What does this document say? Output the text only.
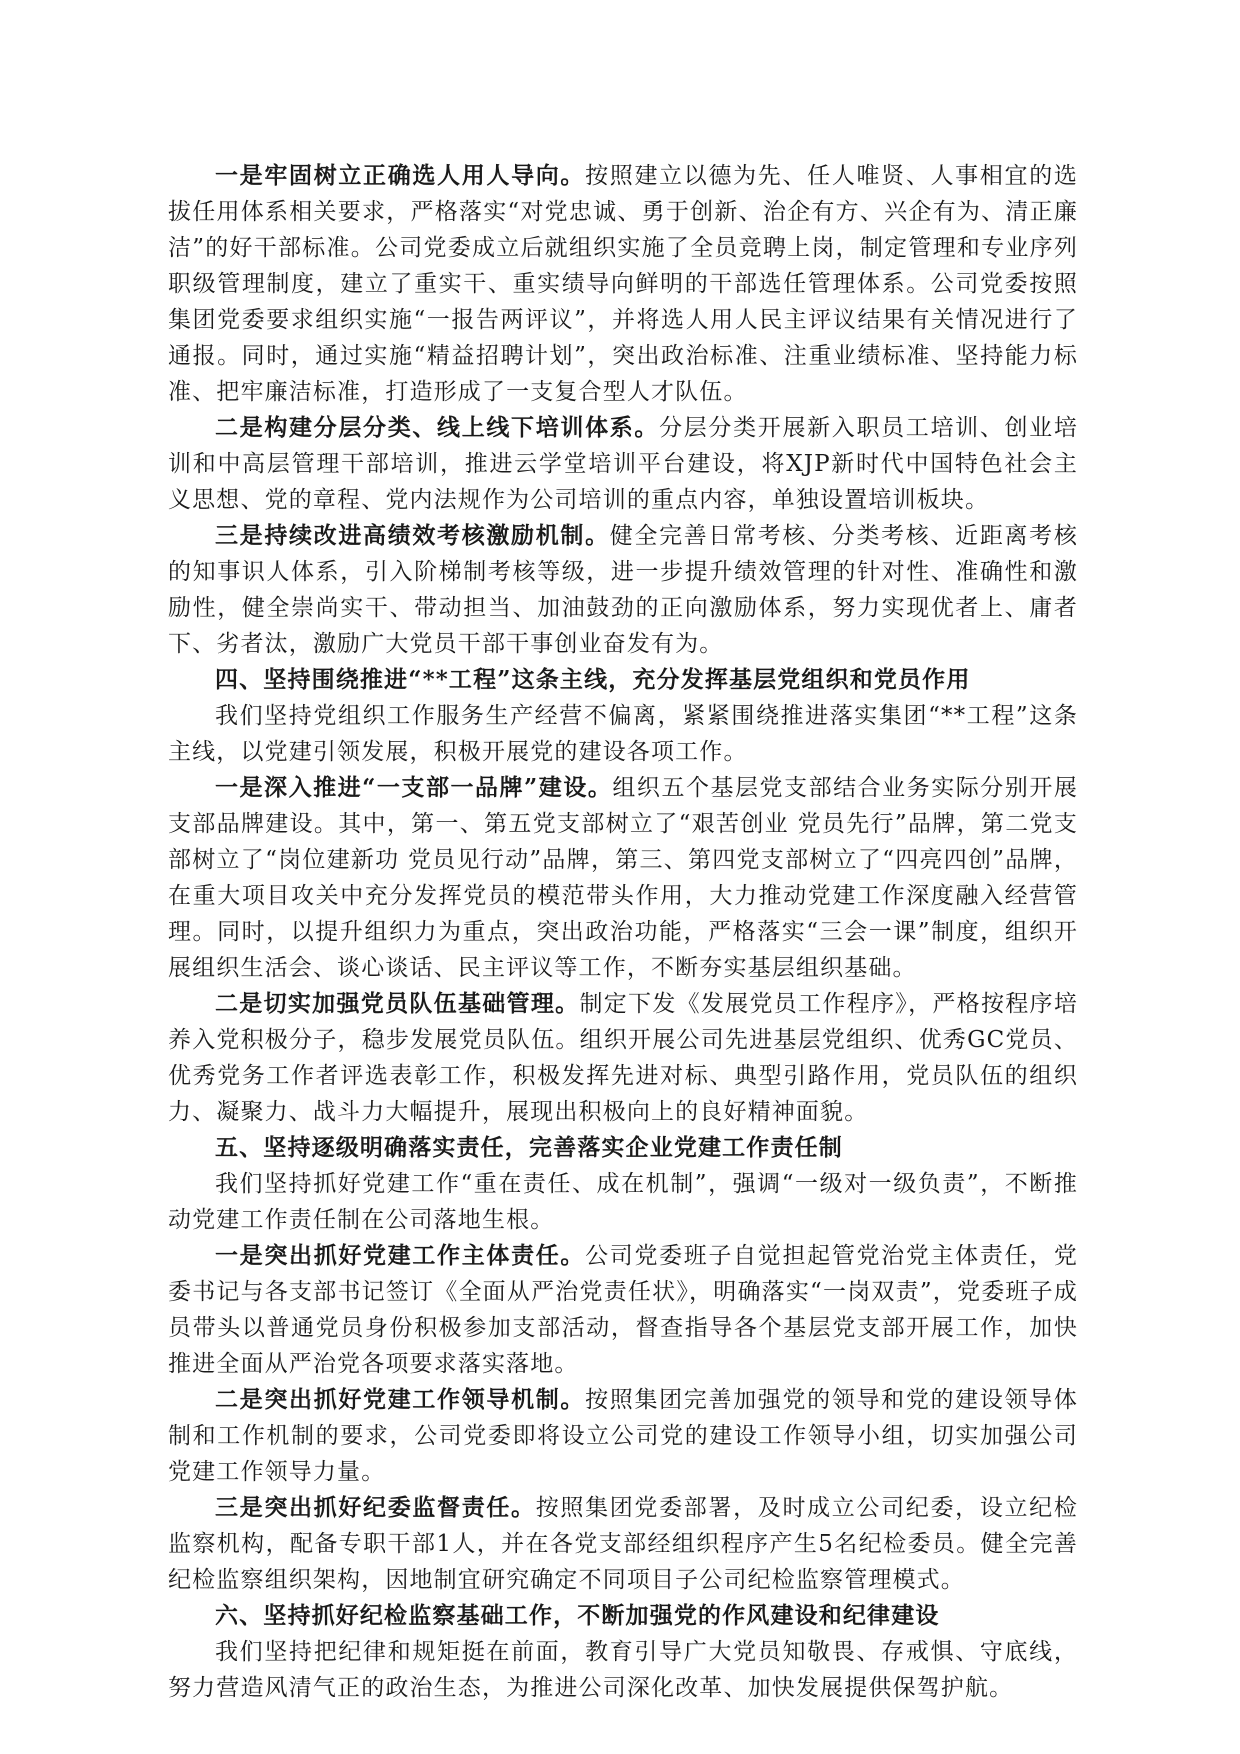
一是牢固树立正确选人用人导向。按照建立以德为先、任人唯贤、人事相宜的选拔任用体系相关要求，严格落实“对党忠诚、勇于创新、治企有方、兴企有为、清正廉洁”的好干部标准。公司党委成立后就组织实施了全员竞聘上岗，制定管理和专业序列职级管理制度，建立了重实干、重实绩导向鲜明的干部选任管理体系。公司党委按照集团党委要求组织实施“一报告两评议”，并将选人用人民主评议结果有关情况进行了通报。同时，通过实施“精益招聘计划”，突出政治标准、注重业绩标准、坚持能力标准、把牢廉洁标准，打造形成了一支复合型人才队伍。

二是构建分层分类、线上线下培训体系。分层分类开展新入职员工培训、创业培训和中高层管理干部培训，推进云学堂培训平台建设，将XJP新时代中国特色社会主义思想、党的章程、党内法规作为公司培训的重点内容，单独设置培训板块。

三是持续改进高绩效考核激励机制。健全完善日常考核、分类考核、近距离考核的知事识人体系，引入阶梯制考核等级，进一步提升绩效管理的针对性、准确性和激励性，健全崇尚实干、带动担当、加油鼓劲的正向激励体系，努力实现优者上、庸者下、劣者汰，激励广大党员干部干事创业奋发有为。

四、坚持围绕推进“**工程”这条主线，充分发挥基层党组织和党员作用

我们坚持党组织工作服务生产经营不偏离，紧紧围绕推进落实集团“**工程”这条主线，以党建引领发展，积极开展党的建设各项工作。

一是深入推进“一支部一品牌”建设。组织五个基层党支部结合业务实际分别开展支部品牌建设。其中，第一、第五党支部树立了“艰苦创业 党员先行”品牌，第二党支部树立了“岗位建新功 党员见行动”品牌，第三、第四党支部树立了“四亮四创”品牌，在重大项目攻关中充分发挥党员的模范带头作用，大力推动党建工作深度融入经营管理。同时，以提升组织力为重点，突出政治功能，严格落实“三会一课”制度，组织开展组织生活会、谈心谈话、民主评议等工作，不断夯实基层组织基础。

二是切实加强党员队伍基础管理。制定下发《发展党员工作程序》，严格按程序培养入党积极分子，稳步发展党员队伍。组织开展公司先进基层党组织、优秀GC党员、优秀党务工作者评选表彰工作，积极发挥先进对标、典型引路作用，党员队伍的组织力、凝聚力、战斗力大幅提升，展现出积极向上的良好精神面貌。

五、坚持逐级明确落实责任，完善落实企业党建工作责任制

我们坚持抓好党建工作“重在责任、成在机制”，强调“一级对一级负责”，不断推动党建工作责任制在公司落地生根。

一是突出抓好党建工作主体责任。公司党委班子自觉担起管党治党主体责任，党委书记与各支部书记签订《全面从严治党责任状》，明确落实“一岗双责”，党委班子成员带头以普通党员身份积极参加支部活动，督查指导各个基层党支部开展工作，加快推进全面从严治党各项要求落实落地。

二是突出抓好党建工作领导机制。按照集团完善加强党的领导和党的建设领导体制和工作机制的要求，公司党委即将设立公司党的建设工作领导小组，切实加强公司党建工作领导力量。

三是突出抓好纪委监督责任。按照集团党委部署，及时成立公司纪委，设立纪检监察机构，配备专职干部1人，并在各党支部经组织程序产生5名纪检委员。健全完善纪检监察组织架构，因地制宜研究确定不同项目子公司纪检监察管理模式。

六、坚持抓好纪检监察基础工作，不断加强党的作风建设和纪律建设

我们坚持把纪律和规矩挺在前面，教育引导广大党员知敬畏、存戒惧、守底线，努力营造风清气正的政治生态，为推进公司深化改革、加快发展提供保驾护航。
